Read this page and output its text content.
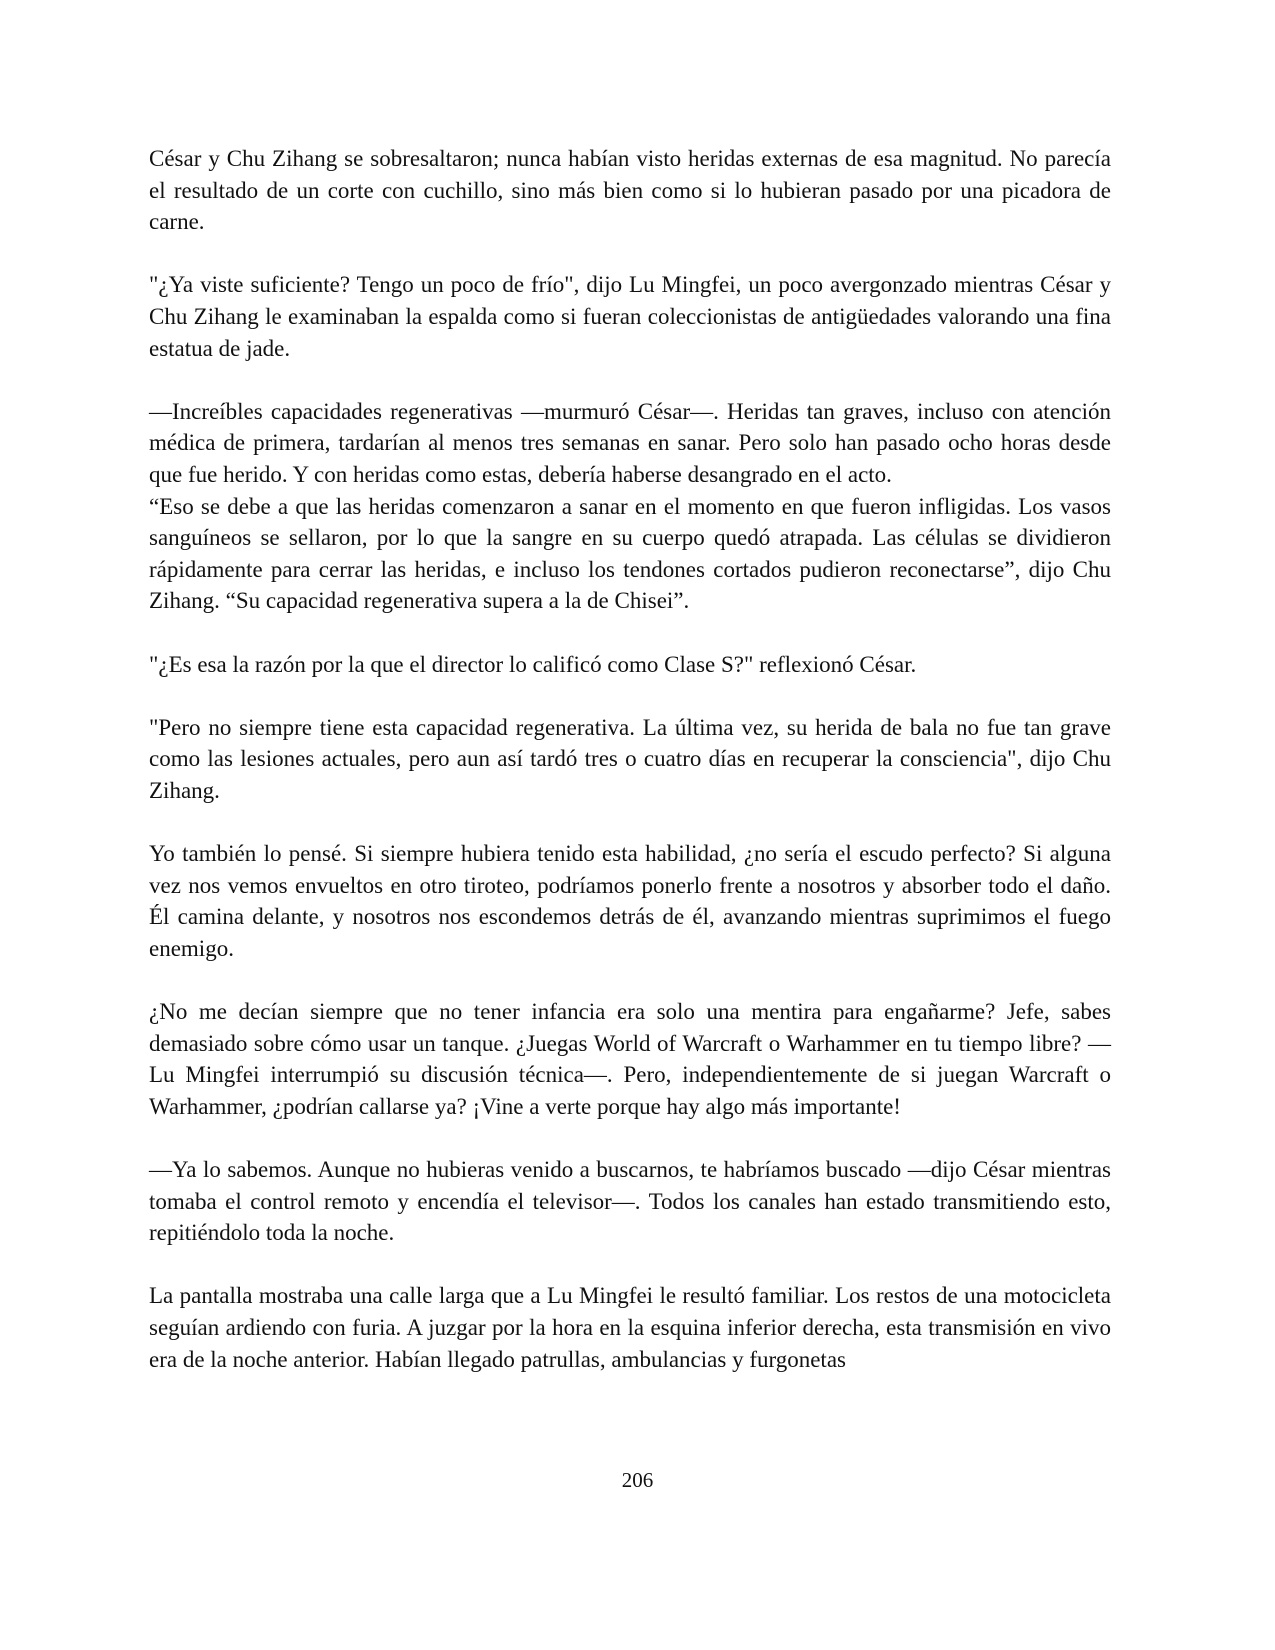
César y Chu Zihang se sobresaltaron; nunca habían visto heridas externas de esa magnitud. No parecía el resultado de un corte con cuchillo, sino más bien como si lo hubieran pasado por una picadora de carne.

"¿Ya viste suficiente? Tengo un poco de frío", dijo Lu Mingfei, un poco avergonzado mientras César y Chu Zihang le examinaban la espalda como si fueran coleccionistas de antigüedades valorando una fina estatua de jade.

—Increíbles capacidades regenerativas —murmuró César—. Heridas tan graves, incluso con atención médica de primera, tardarían al menos tres semanas en sanar. Pero solo han pasado ocho horas desde que fue herido. Y con heridas como estas, debería haberse desangrado en el acto.

“Eso se debe a que las heridas comenzaron a sanar en el momento en que fueron infligidas. Los vasos sanguíneos se sellaron, por lo que la sangre en su cuerpo quedó atrapada. Las células se dividieron rápidamente para cerrar las heridas, e incluso los tendones cortados pudieron reconectarse”, dijo Chu Zihang. “Su capacidad regenerativa supera a la de Chisei”.

"¿Es esa la razón por la que el director lo calificó como Clase S?" reflexionó César.

"Pero no siempre tiene esta capacidad regenerativa. La última vez, su herida de bala no fue tan grave como las lesiones actuales, pero aun así tardó tres o cuatro días en recuperar la consciencia", dijo Chu Zihang.

Yo también lo pensé. Si siempre hubiera tenido esta habilidad, ¿no sería el escudo perfecto? Si alguna vez nos vemos envueltos en otro tiroteo, podríamos ponerlo frente a nosotros y absorber todo el daño. Él camina delante, y nosotros nos escondemos detrás de él, avanzando mientras suprimimos el fuego enemigo.

¿No me decían siempre que no tener infancia era solo una mentira para engañarme? Jefe, sabes demasiado sobre cómo usar un tanque. ¿Juegas World of Warcraft o Warhammer en tu tiempo libre? —Lu Mingfei interrumpió su discusión técnica—. Pero, independientemente de si juegan Warcraft o Warhammer, ¿podrían callarse ya? ¡Vine a verte porque hay algo más importante!

—Ya lo sabemos. Aunque no hubieras venido a buscarnos, te habríamos buscado —dijo César mientras tomaba el control remoto y encendía el televisor—. Todos los canales han estado transmitiendo esto, repitiéndolo toda la noche.

La pantalla mostraba una calle larga que a Lu Mingfei le resultó familiar. Los restos de una motocicleta seguían ardiendo con furia. A juzgar por la hora en la esquina inferior derecha, esta transmisión en vivo era de la noche anterior. Habían llegado patrullas, ambulancias y furgonetas

206
